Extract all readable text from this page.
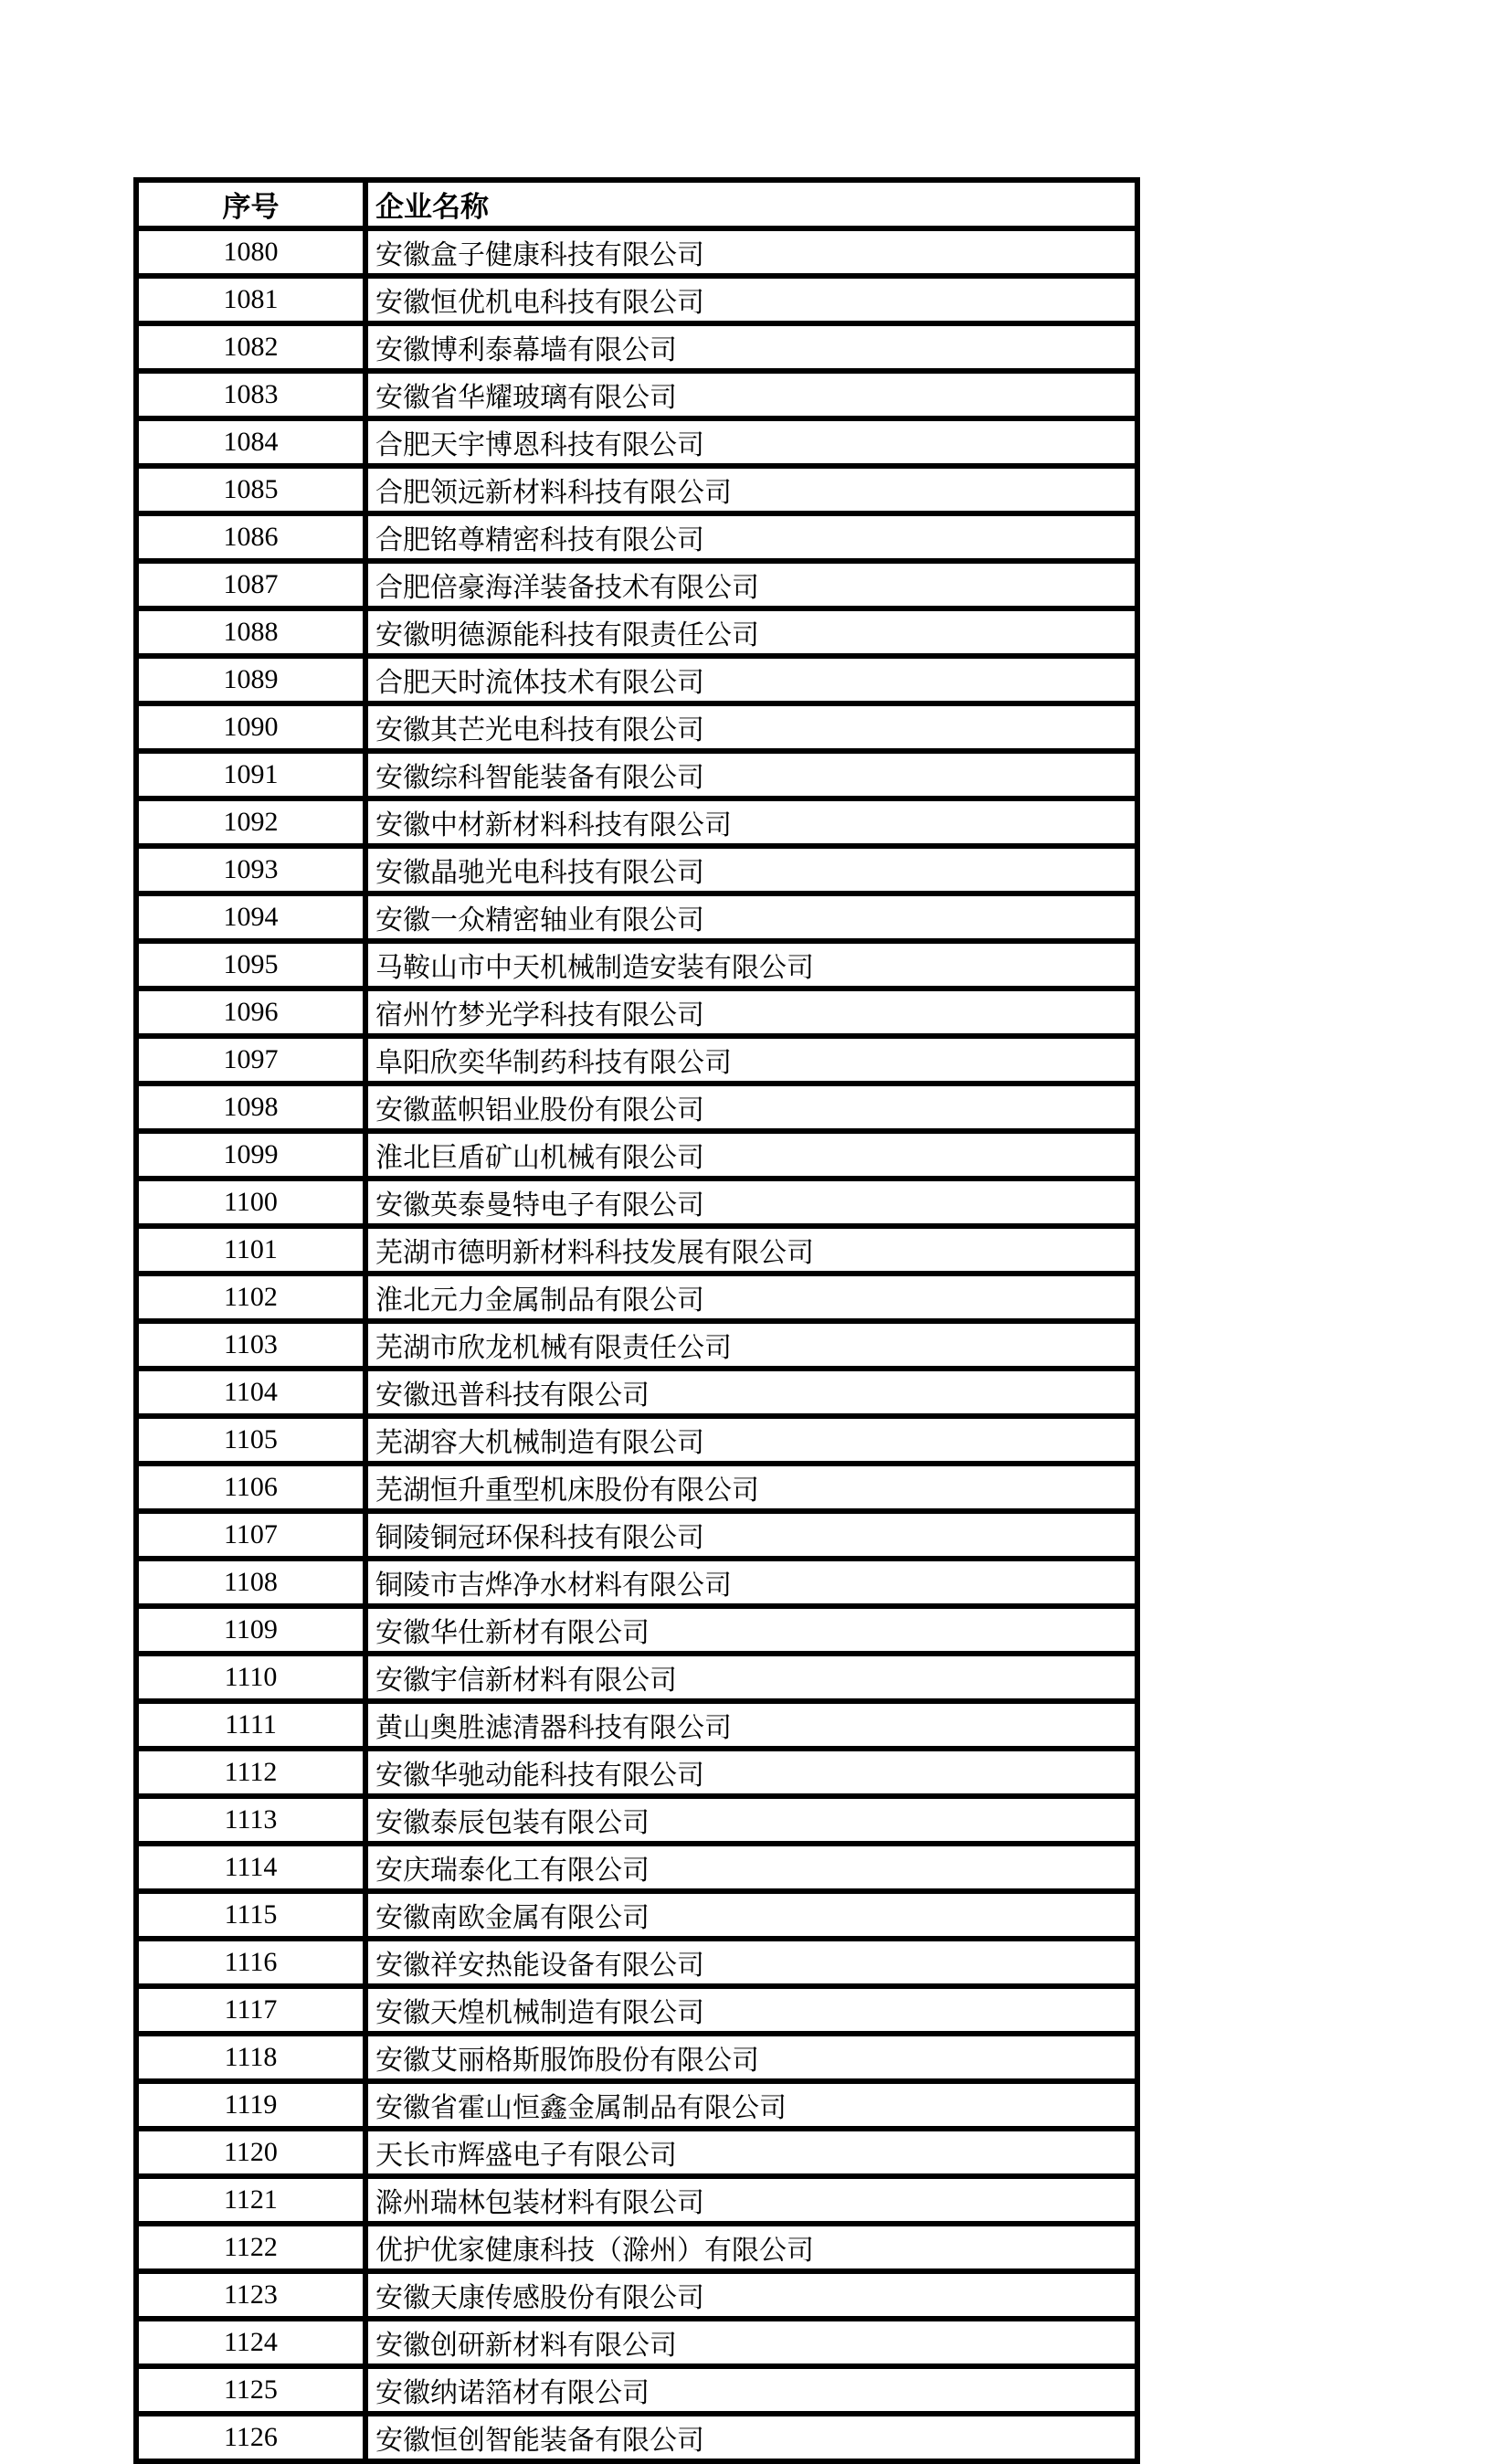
序号	企业名称
1080	安徽盒子健康科技有限公司
1081	安徽恒优机电科技有限公司
1082	安徽博利泰幕墙有限公司
1083	安徽省华耀玻璃有限公司
1084	合肥天宇博恩科技有限公司
1085	合肥领远新材料科技有限公司
1086	合肥铭尊精密科技有限公司
1087	合肥倍豪海洋装备技术有限公司
1088	安徽明德源能科技有限责任公司
1089	合肥天时流体技术有限公司
1090	安徽其芒光电科技有限公司
1091	安徽综科智能装备有限公司
1092	安徽中材新材料科技有限公司
1093	安徽晶驰光电科技有限公司
1094	安徽一众精密轴业有限公司
1095	马鞍山市中天机械制造安装有限公司
1096	宿州竹梦光学科技有限公司
1097	阜阳欣奕华制药科技有限公司
1098	安徽蓝帜铝业股份有限公司
1099	淮北巨盾矿山机械有限公司
1100	安徽英泰曼特电子有限公司
1101	芜湖市德明新材料科技发展有限公司
1102	淮北元力金属制品有限公司
1103	芜湖市欣龙机械有限责任公司
1104	安徽迅普科技有限公司
1105	芜湖容大机械制造有限公司
1106	芜湖恒升重型机床股份有限公司
1107	铜陵铜冠环保科技有限公司
1108	铜陵市吉烨净水材料有限公司
1109	安徽华仕新材有限公司
1110	安徽宇信新材料有限公司
1111	黄山奥胜滤清器科技有限公司
1112	安徽华驰动能科技有限公司
1113	安徽泰辰包装有限公司
1114	安庆瑞泰化工有限公司
1115	安徽南欧金属有限公司
1116	安徽祥安热能设备有限公司
1117	安徽天煌机械制造有限公司
1118	安徽艾丽格斯服饰股份有限公司
1119	安徽省霍山恒鑫金属制品有限公司
1120	天长市辉盛电子有限公司
1121	滁州瑞林包装材料有限公司
1122	优护优家健康科技（滁州）有限公司
1123	安徽天康传感股份有限公司
1124	安徽创研新材料有限公司
1125	安徽纳诺箔材有限公司
1126	安徽恒创智能装备有限公司
